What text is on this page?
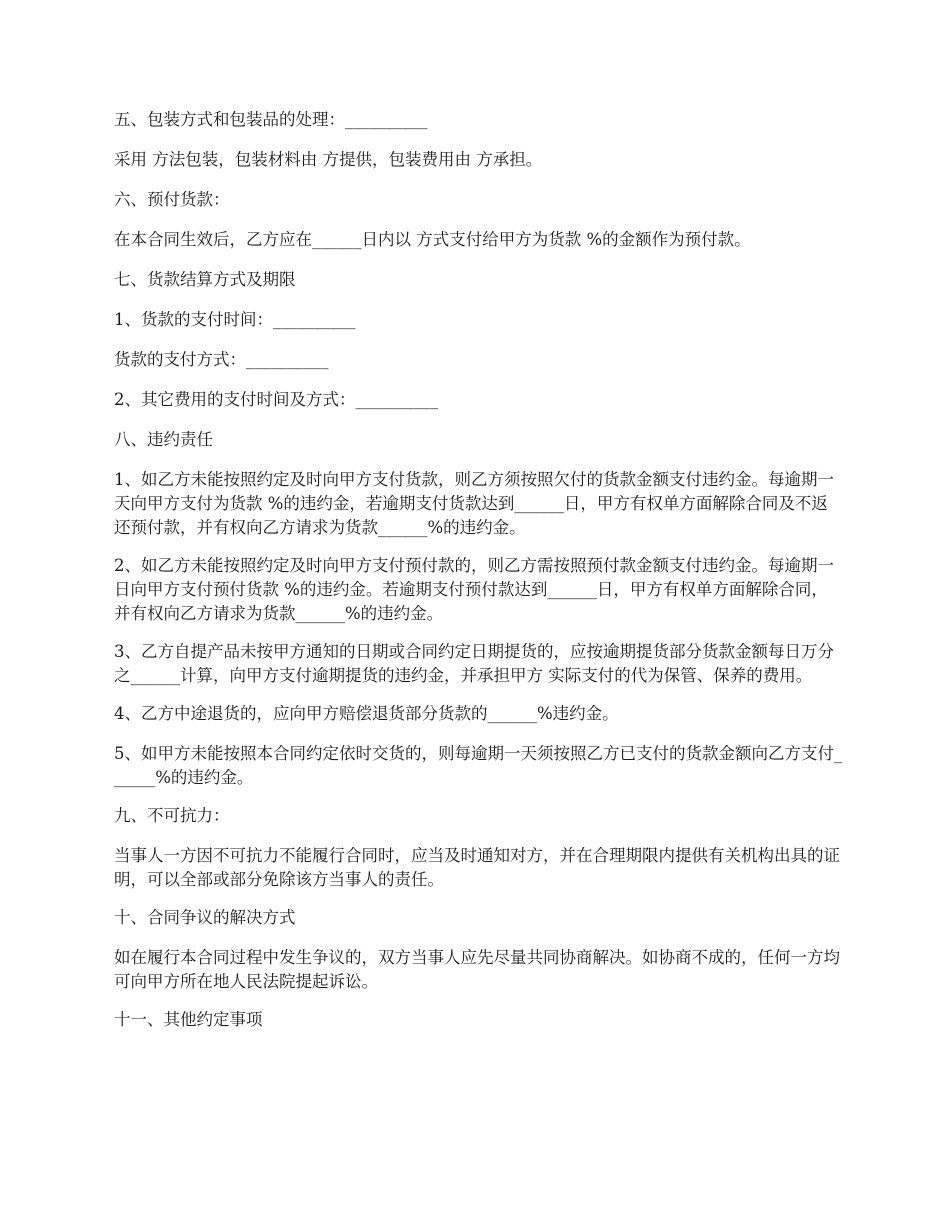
五、包装方式和包装品的处理：__________

采用 方法包装，包装材料由 方提供，包装费用由 方承担。

六、预付货款：

在本合同生效后，乙方应在______日内以 方式支付给甲方为货款 %的金额作为预付款。

七、货款结算方式及期限

1、货款的支付时间：__________

货款的支付方式：__________

2、其它费用的支付时间及方式：__________

八、违约责任

1、如乙方未能按照约定及时向甲方支付货款，则乙方须按照欠付的货款金额支付违约金。每逾期一天向甲方支付为货款 %的违约金，若逾期支付货款达到______日，甲方有权单方面解除合同及不返还预付款，并有权向乙方请求为货款______%的违约金。

2、如乙方未能按照约定及时向甲方支付预付款的，则乙方需按照预付款金额支付违约金。每逾期一日向甲方支付预付货款 %的违约金。若逾期支付预付款达到______日，甲方有权单方面解除合同，并有权向乙方请求为货款______%的违约金。

3、乙方自提产品未按甲方通知的日期或合同约定日期提货的，应按逾期提货部分货款金额每日万分之______计算，向甲方支付逾期提货的违约金，并承担甲方 实际支付的代为保管、保养的费用。

4、乙方中途退货的，应向甲方赔偿退货部分货款的______%违约金。

5、如甲方未能按照本合同约定依时交货的，则每逾期一天须按照乙方已支付的货款金额向乙方支付______%的违约金。

九、不可抗力：

当事人一方因不可抗力不能履行合同时，应当及时通知对方，并在合理期限内提供有关机构出具的证明，可以全部或部分免除该方当事人的责任。

十、合同争议的解决方式

如在履行本合同过程中发生争议的，双方当事人应先尽量共同协商解决。如协商不成的，任何一方均可向甲方所在地人民法院提起诉讼。

十一、其他约定事项
